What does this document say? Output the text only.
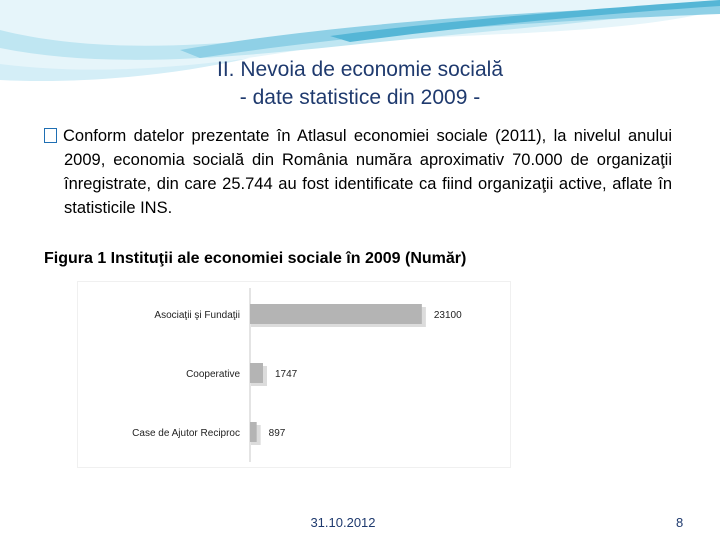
II. Nevoia de economie socială
- date statistice din 2009 -
Conform datelor prezentate în Atlasul economiei sociale (2011), la nivelul anului 2009, economia socială din România număra aproximativ 70.000 de organizaţii înregistrate, din care 25.744 au fost identificate ca fiind organizaţii active, aflate în statisticile INS.
Figura 1 Instituţii ale economiei sociale în 2009 (Număr)
Asociaţii şi Fundaţii	23100
Cooperative	1747
Case de Ajutor Reciproc	897
31.10.2012	8
